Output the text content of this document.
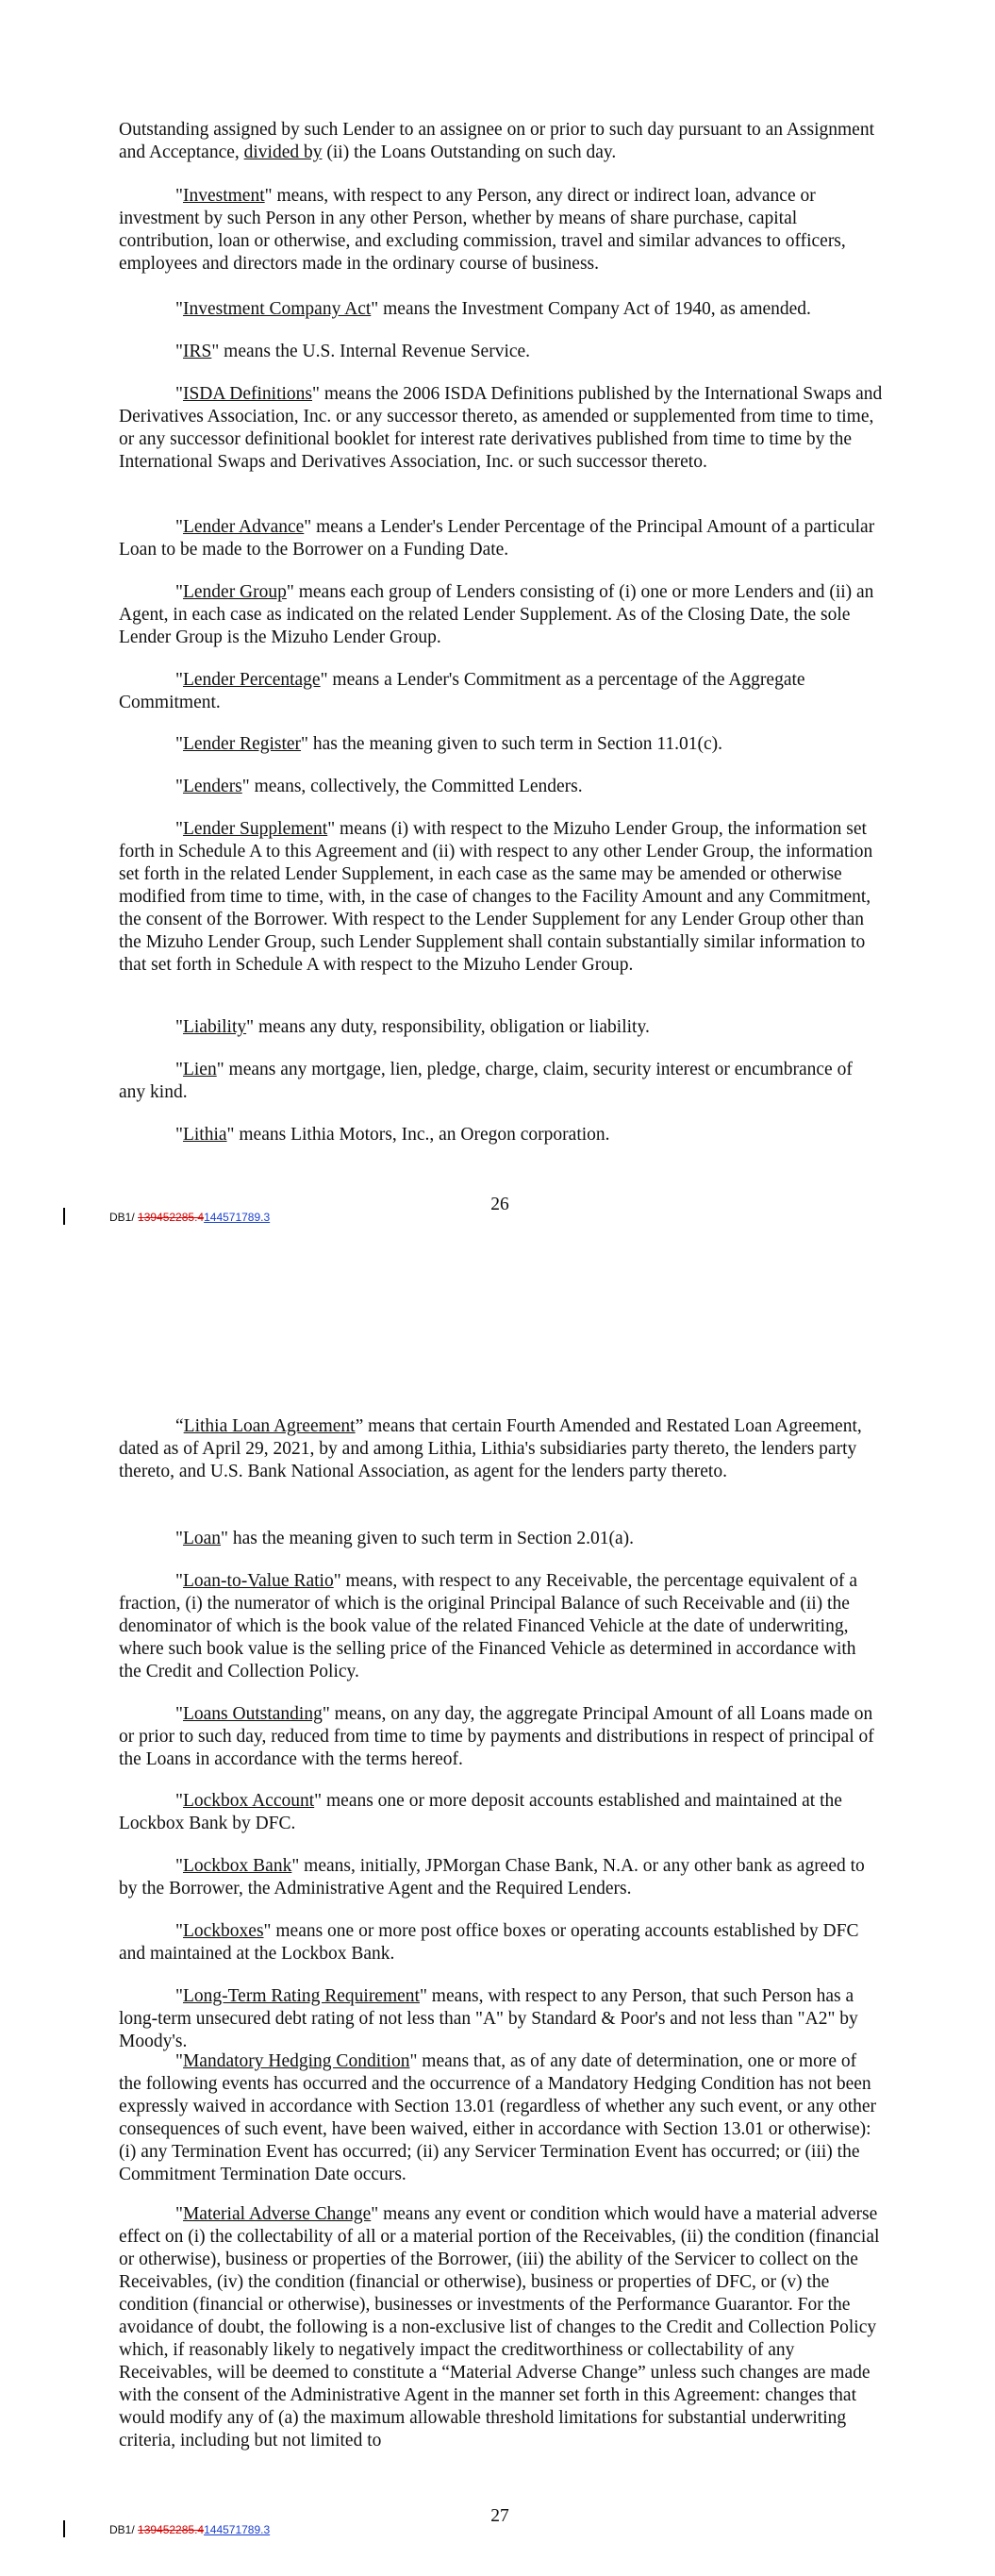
Outstanding assigned by such Lender to an assignee on or prior to such day pursuant to an Assignment and Acceptance, divided by (ii) the Loans Outstanding on such day.

"Investment" means, with respect to any Person, any direct or indirect loan, advance or investment by such Person in any other Person, whether by means of share purchase, capital contribution, loan or otherwise, and excluding commission, travel and similar advances to officers, employees and directors made in the ordinary course of business.

"Investment Company Act" means the Investment Company Act of 1940, as amended.

"IRS" means the U.S. Internal Revenue Service.

"ISDA Definitions" means the 2006 ISDA Definitions published by the International Swaps and Derivatives Association, Inc. or any successor thereto, as amended or supplemented from time to time, or any successor definitional booklet for interest rate derivatives published from time to time by the International Swaps and Derivatives Association, Inc. or such successor thereto.

"Lender Advance" means a Lender's Lender Percentage of the Principal Amount of a particular Loan to be made to the Borrower on a Funding Date.

"Lender Group" means each group of Lenders consisting of (i) one or more Lenders and (ii) an Agent, in each case as indicated on the related Lender Supplement. As of the Closing Date, the sole Lender Group is the Mizuho Lender Group.

"Lender Percentage" means a Lender's Commitment as a percentage of the Aggregate Commitment.

"Lender Register" has the meaning given to such term in Section 11.01(c).

"Lenders" means, collectively, the Committed Lenders.

"Lender Supplement" means (i) with respect to the Mizuho Lender Group, the information set forth in Schedule A to this Agreement and (ii) with respect to any other Lender Group, the information set forth in the related Lender Supplement, in each case as the same may be amended or otherwise modified from time to time, with, in the case of changes to the Facility Amount and any Commitment, the consent of the Borrower. With respect to the Lender Supplement for any Lender Group other than the Mizuho Lender Group, such Lender Supplement shall contain substantially similar information to that set forth in Schedule A with respect to the Mizuho Lender Group.

"Liability" means any duty, responsibility, obligation or liability.

"Lien" means any mortgage, lien, pledge, charge, claim, security interest or encumbrance of any kind.

"Lithia" means Lithia Motors, Inc., an Oregon corporation.

26
DB1/ 139452285.4144571789.3

“Lithia Loan Agreement” means that certain Fourth Amended and Restated Loan Agreement, dated as of April 29, 2021, by and among Lithia, Lithia's subsidiaries party thereto, the lenders party thereto, and U.S. Bank National Association, as agent for the lenders party thereto.

"Loan" has the meaning given to such term in Section 2.01(a).

"Loan-to-Value Ratio" means, with respect to any Receivable, the percentage equivalent of a fraction, (i) the numerator of which is the original Principal Balance of such Receivable and (ii) the denominator of which is the book value of the related Financed Vehicle at the date of underwriting, where such book value is the selling price of the Financed Vehicle as determined in accordance with the Credit and Collection Policy.

"Loans Outstanding" means, on any day, the aggregate Principal Amount of all Loans made on or prior to such day, reduced from time to time by payments and distributions in respect of principal of the Loans in accordance with the terms hereof.

"Lockbox Account" means one or more deposit accounts established and maintained at the Lockbox Bank by DFC.

"Lockbox Bank" means, initially, JPMorgan Chase Bank, N.A. or any other bank as agreed to by the Borrower, the Administrative Agent and the Required Lenders.

"Lockboxes" means one or more post office boxes or operating accounts established by DFC and maintained at the Lockbox Bank.

"Long-Term Rating Requirement" means, with respect to any Person, that such Person has a long-term unsecured debt rating of not less than "A" by Standard & Poor's and not less than "A2" by Moody's.

"Mandatory Hedging Condition" means that, as of any date of determination, one or more of the following events has occurred and the occurrence of a Mandatory Hedging Condition has not been expressly waived in accordance with Section 13.01 (regardless of whether any such event, or any other consequences of such event, have been waived, either in accordance with Section 13.01 or otherwise): (i) any Termination Event has occurred; (ii) any Servicer Termination Event has occurred; or (iii) the Commitment Termination Date occurs.

"Material Adverse Change" means any event or condition which would have a material adverse effect on (i) the collectability of all or a material portion of the Receivables, (ii) the condition (financial or otherwise), business or properties of the Borrower, (iii) the ability of the Servicer to collect on the Receivables, (iv) the condition (financial or otherwise), business or properties of DFC, or (v) the condition (financial or otherwise), businesses or investments of the Performance Guarantor. For the avoidance of doubt, the following is a non-exclusive list of changes to the Credit and Collection Policy which, if reasonably likely to negatively impact the creditworthiness or collectability of any Receivables, will be deemed to constitute a “Material Adverse Change” unless such changes are made with the consent of the Administrative Agent in the manner set forth in this Agreement: changes that would modify any of (a) the maximum allowable threshold limitations for substantial underwriting criteria, including but not limited to

27
DB1/ 139452285.4144571789.3
